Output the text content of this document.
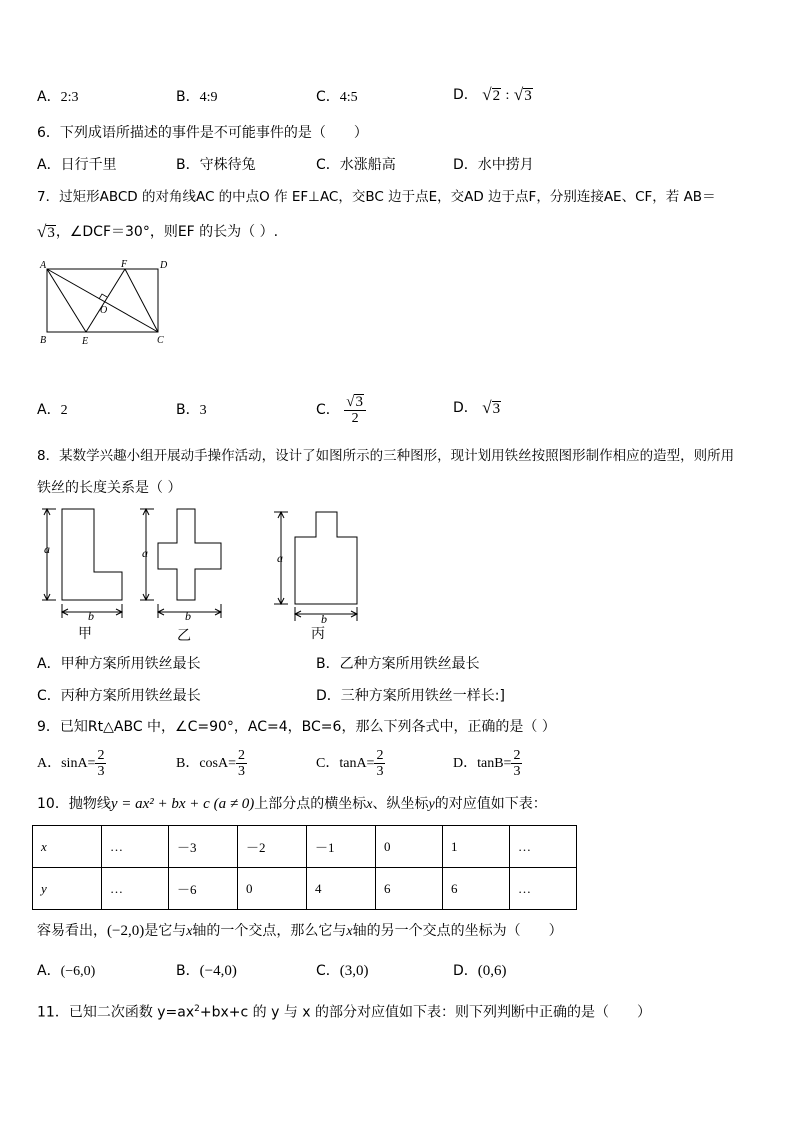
A．2:3	B．4:9	C．4:5	D． √ 2 : √ 3
6．下列成语所描述的事件是不可能事件的是（　　）
A．日行千里	B．守株待兔	C．水涨船高	D．水中捞月
7．过矩形ABCD 的对角线AC 的中点O 作 EF⊥AC，交BC 边于点E，交AD 边于点F，分别连接AE、CF，若 AB＝
√ 3 ，∠DCF＝30°，则EF 的长为（ ）.
A	F	D
B	E	C
O
A．2	B．3	C． $\frac{√ 3}{2}$	D． √ 3
8．某数学兴趣小组开展动手操作活动，设计了如图所示的三种图形，现计划用铁丝按照图形制作相应的造型，则所用
铁丝的长度关系是（ ）
a
b
甲
a
b
乙
a
b
丙
A．甲种方案所用铁丝最长	B．乙种方案所用铁丝最长
C．丙种方案所用铁丝最长	D．三种方案所用铁丝一样长:]
9．已知Rt△ABC 中，∠C=90°，AC=4，BC=6，那么下列各式中，正确的是（ ）
A．$\sin A= \frac{2}{3}$	B．$\cos A= \frac{2}{3}$	C．$\tan A= \frac{2}{3}$	D．$\tan B= \frac{2}{3}$
10．抛物线y = ax² + bx + c (a ≠ 0)上部分点的横坐标x、纵坐标y的对应值如下表：
x	…	－3	－2	－1	0	1	…
y	…	－6	0	4	6	6	…
容易看出，(−2,0)是它与x轴的一个交点，那么它与x轴的另一个交点的坐标为（　　）
A．(−6,0)	B．(−4,0)	C．(3,0)	D．(0,6)
11．已知二次函数 $y=ax^2+bx+c$ 的 y 与 x 的部分对应值如下表：则下列判断中正确的是（　　）
